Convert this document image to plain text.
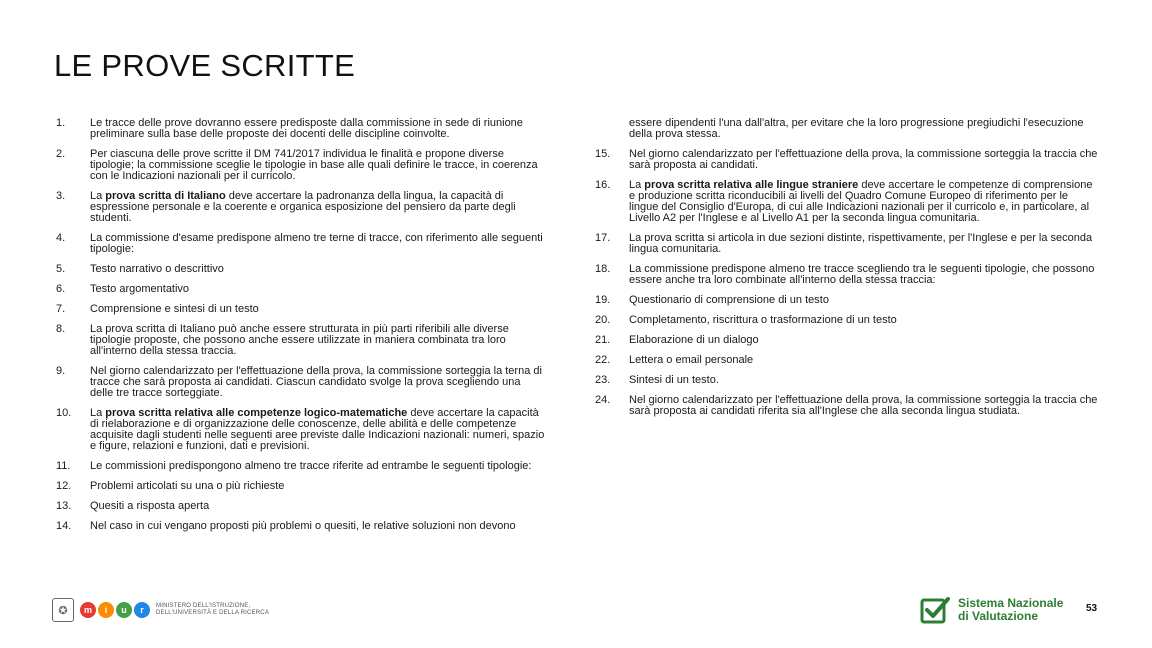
LE PROVE SCRITTE
1.	Le tracce delle prove dovranno essere predisposte dalla commissione in sede di riunione preliminare sulla base delle proposte dei docenti delle discipline coinvolte.
2.	Per ciascuna delle prove scritte il DM 741/2017 individua le finalità e propone diverse tipologie; la commissione sceglie le tipologie in base alle quali definire le tracce, in coerenza con le Indicazioni nazionali per il curricolo.
3.	La prova scritta di Italiano deve accertare la padronanza della lingua, la capacità di espressione personale e la coerente e organica esposizione del pensiero da parte degli studenti.
4.	La commissione d'esame predispone almeno tre terne di tracce, con riferimento alle seguenti tipologie:
5.	Testo narrativo o descrittivo
6.	Testo argomentativo
7.	Comprensione e sintesi di un testo
8.	La prova scritta di Italiano può anche essere strutturata in più parti riferibili alle diverse tipologie proposte, che possono anche essere utilizzate in maniera combinata tra loro all'interno della stessa traccia.
9.	Nel giorno calendarizzato per l'effettuazione della prova, la commissione sorteggia la terna di tracce che sarà proposta ai candidati. Ciascun candidato svolge la prova scegliendo una delle tre tracce sorteggiate.
10.	La prova scritta relativa alle competenze logico-matematiche deve accertare la capacità di rielaborazione e di organizzazione delle conoscenze, delle abilità e delle competenze acquisite dagli studenti nelle seguenti aree previste dalle Indicazioni nazionali: numeri, spazio e figure, relazioni e funzioni, dati e previsioni.
11.	Le commissioni predispongono almeno tre tracce riferite ad entrambe le seguenti tipologie:
12.	Problemi articolati su una o più richieste
13.	Quesiti a risposta aperta
14.	Nel caso in cui vengano proposti più problemi o quesiti, le relative soluzioni non devono
essere dipendenti l'una dall'altra, per evitare che la loro progressione pregiudichi l'esecuzione della prova stessa.
15.	Nel giorno calendarizzato per l'effettuazione della prova, la commissione sorteggia la traccia che sarà proposta ai candidati.
16.	La prova scritta relativa alle lingue straniere deve accertare le competenze di comprensione e produzione scritta riconducibili ai livelli del Quadro Comune Europeo di riferimento per le lingue del Consiglio d'Europa, di cui alle Indicazioni nazionali per il curricolo e, in particolare, al Livello A2 per l'Inglese e al Livello A1 per la seconda lingua comunitaria.
17.	La prova scritta si articola in due sezioni distinte, rispettivamente, per l'Inglese e per la seconda lingua comunitaria.
18.	La commissione predispone almeno tre tracce scegliendo tra le seguenti tipologie, che possono essere anche tra loro combinate all'interno della stessa traccia:
19.	Questionario di comprensione di un testo
20.	Completamento, riscrittura o trasformazione di un testo
21.	Elaborazione di un dialogo
22.	Lettera o email personale
23.	Sintesi di un testo.
24.	Nel giorno calendarizzato per l'effettuazione della prova, la commissione sorteggia la traccia che sarà proposta ai candidati riferita sia all'Inglese che alla seconda lingua studiata.
✪	m	i	u	r	MINISTERO DELL'ISTRUZIONE,
DELL'UNIVERSITÀ E DELLA RICERCA
Sistema Nazionale
di Valutazione
53
